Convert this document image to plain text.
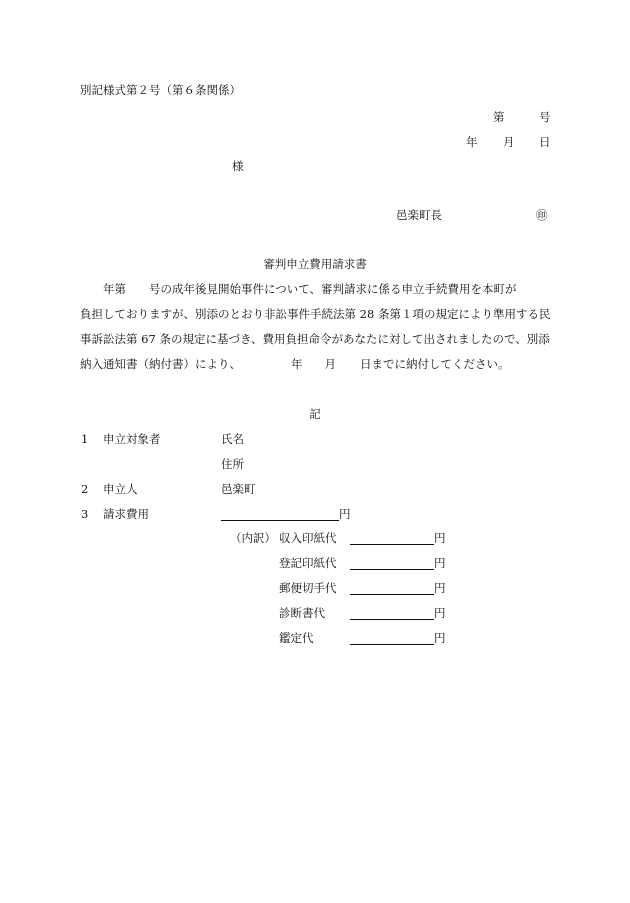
別記様式第２号（第６条関係）
第	号
年 月 日
様
邑楽町長	㊞
審判申立費用請求書
　　年第　　号の成年後見開始事件について、審判請求に係る申立手続費用を本町が
負担しておりますが、別添のとおり非訟事件手続法第 28 条第１項の規定により準用する民
事訴訟法第 67 条の規定に基づき、費用負担命令があなたに対して出されましたので、別添
納入通知書（納付書）により、	年 月 日までに納付してください。
記
1 申立対象者	氏名
住所
2 申立人	邑楽町
3 請求費用	円
（内訳） 収入印紙代	円
登記印紙代	円
郵便切手代	円
診断書代	円
鑑定代	円
